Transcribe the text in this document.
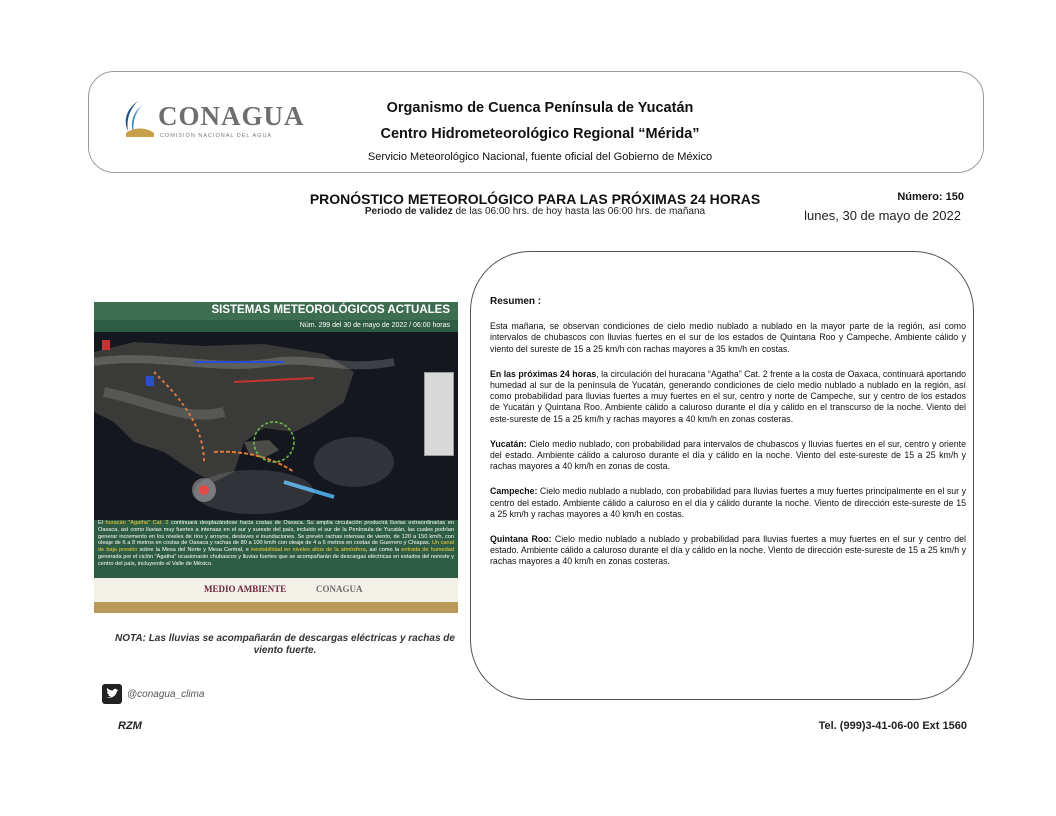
CONAGUA
COMISIÓN NACIONAL DEL AGUA
Organismo de Cuenca Península de Yucatán
Centro Hidrometeorológico Regional “Mérida”
Servicio Meteorológico Nacional, fuente oficial del Gobierno de México
PRONÓSTICO METEOROLÓGICO PARA LAS PRÓXIMAS 24 HORAS
Periodo de validez de las 06:00 hrs. de hoy hasta las 06:00 hrs. de mañana
Número: 150
lunes, 30 de mayo de 2022
SISTEMAS METEOROLÓGICOS ACTUALES
Núm. 299 del 30 de mayo de 2022 / 06:00 horas
El huracán "Agatha" Cat. 2 continuará desplazándose hacia costas de Oaxaca. Su amplia circulación producirá lluvias extraordinarias en Oaxaca, así como lluvias muy fuertes a intensas en el sur y sureste del país, incluido el sur de la Península de Yucatán, las cuales podrían generar incremento en los niveles de ríos y arroyos, deslaves e inundaciones. Se prevén rachas intensas de viento, de 120 a 150 km/h, con oleaje de 6 a 8 metros en costas de Oaxaca y rachas de 80 a 100 km/h con oleaje de 4 a 6 metros en costas de Guerrero y Chiapas. Un canal de baja presión sobre la Mesa del Norte y Mesa Central, e inestabilidad en niveles altos de la atmósfera, así como la entrada de humedad generada por el ciclón "Agatha" ocasionarán chubascos y lluvias fuertes que se acompañarán de descargas eléctricas en estados del noreste y centro del país, incluyendo el Valle de México.
MEDIO AMBIENTE	CONAGUA
NOTA: Las lluvias se acompañarán de descargas eléctricas y rachas de viento fuerte.
Resumen :

Esta mañana, se observan condiciones de cielo medio nublado a nublado en la mayor parte de la región, así como intervalos de chubascos con lluvias fuertes en el sur de los estados de Quintana Roo y Campeche. Ambiente cálido y viento del sureste de 15 a 25 km/h con rachas mayores a 35 km/h en costas.

En las próximas 24 horas, la circulación del huracana “Agatha” Cat. 2 frente a la costa de Oaxaca, continuará aportando humedad al sur de la península de Yucatán, generando condiciones de cielo medio nublado a nublado en la región, así como probabilidad para lluvias fuertes a muy fuertes en el sur, centro y norte de Campeche, sur y centro de los estados de Yucatán y Quintana Roo. Ambiente cálido a caluroso durante el día y cálido en el transcurso de la noche. Viento del este-sureste de 15 a 25 km/h y rachas mayores a 40 km/h en zonas costeras.

Yucatán: Cielo medio nublado, con probabilidad para intervalos de chubascos y lluvias fuertes en el sur, centro y oriente del estado. Ambiente cálido a caluroso durante el día y cálido en la noche. Viento del este-sureste de 15 a 25 km/h y rachas mayores a 40 km/h en zonas de costa.

Campeche: Cielo medio nublado a nublado, con probabilidad para lluvias fuertes a muy fuertes principalmente en el sur y centro del estado. Ambiente cálido a caluroso en el día y cálido durante la noche. Viento de dirección este-sureste de 15 a 25 km/h y rachas mayores a 40 km/h en costas.

Quintana Roo: Cielo medio nublado a nublado y probabilidad para lluvias fuertes a muy fuertes en el sur y centro del estado. Ambiente cálido a caluroso durante el día y cálido en la noche. Viento de dirección este-sureste de 15 a 25 km/h y rachas mayores a 40 km/h en zonas costeras.

@conagua_clima
RZM	Tel. (999)3-41-06-00 Ext 1560
